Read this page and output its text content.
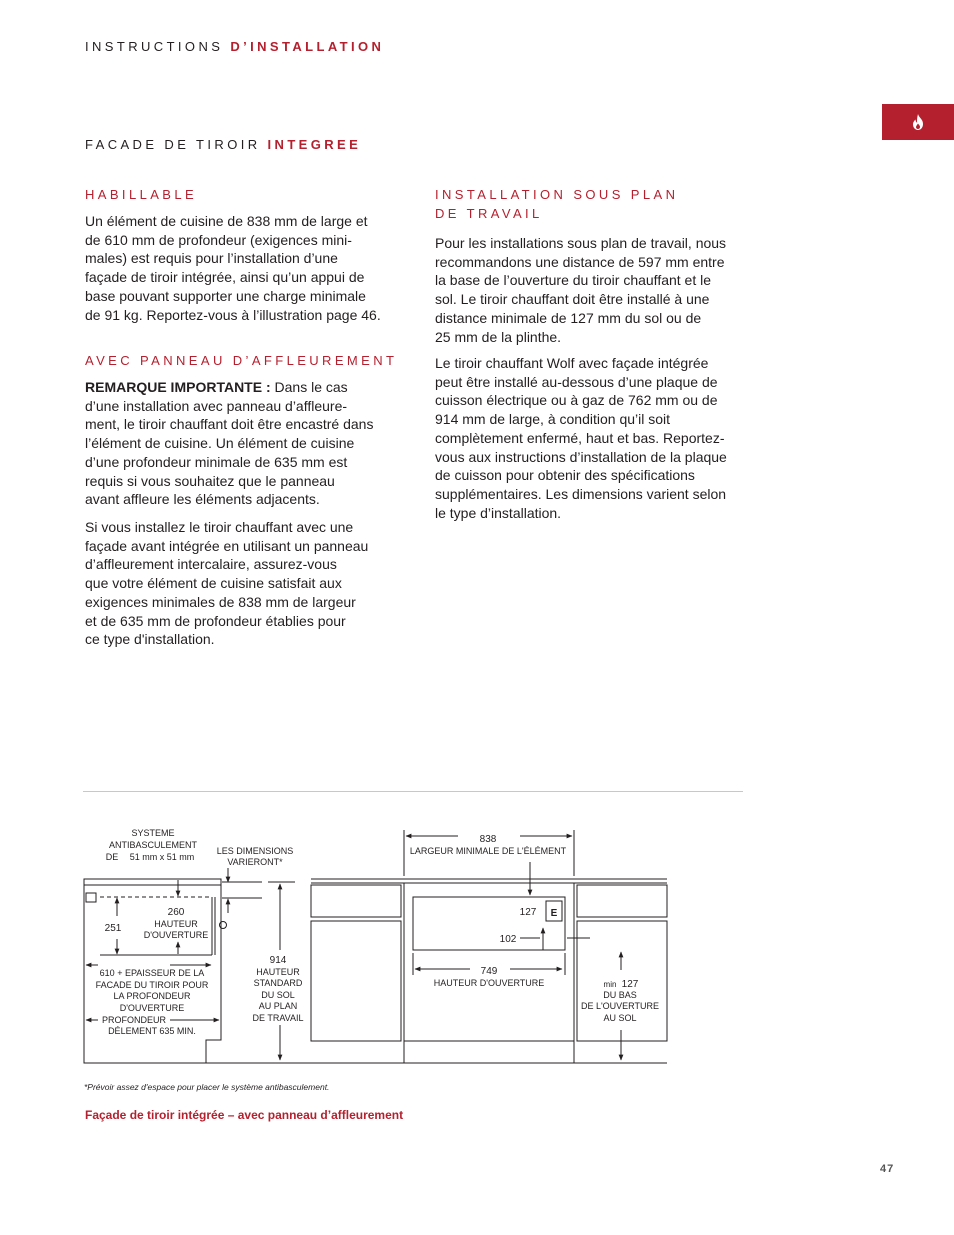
INSTRUCTIONS D’INSTALLATION
FACADE DE TIROIR INTEGREE
HABILLABLE
Un élément de cuisine de 838 mm de large et
de 610 mm de profondeur (exigences mini-
males) est requis pour l’installation d’une
façade de tiroir intégrée, ainsi qu’un appui de
base pouvant supporter une charge minimale
de 91 kg. Reportez-vous à l’illustration page 46.
AVEC PANNEAU D’AFFLEUREMENT
REMARQUE IMPORTANTE : Dans le cas
d’une installation avec panneau d’affleure-
ment, le tiroir chauffant doit être encastré dans
l’élément de cuisine. Un élément de cuisine
d’une profondeur minimale de 635 mm est
requis si vous souhaitez que le panneau
avant affleure les éléments adjacents.
Si vous installez le tiroir chauffant avec une
façade avant intégrée en utilisant un panneau
d’affleurement intercalaire, assurez-vous
que votre élément de cuisine satisfait aux
exigences minimales de 838 mm de largeur
et de 635 mm de profondeur établies pour
ce type d'installation.
INSTALLATION SOUS PLAN
DE TRAVAIL
Pour les installations sous plan de travail, nous
recommandons une distance de 597 mm entre
la base de l’ouverture du tiroir chauffant et le
sol. Le tiroir chauffant doit être installé à une
distance minimale de 127 mm du sol ou de
25 mm de la plinthe.
Le tiroir chauffant Wolf avec façade intégrée
peut être installé au-dessous d’une plaque de
cuisson électrique ou à gaz de 762 mm ou de
914 mm de large, à condition qu’il soit
complètement enfermé, haut et bas. Reportez-
vous aux instructions d’installation de la plaque
de cuisson pour obtenir des spécifications
supplémentaires. Les dimensions varient selon
le type d’installation.
SYSTEME
ANTIBASCULEMENT
DE 51 mm x 51 mm
LES DIMENSIONS
VARIERONT*
838
LARGEUR MINIMALE DE L'ÉLÉMENT
260
HAUTEUR
D'OUVERTURE
251
610 + EPAISSEUR DE LA
FACADE DU TIROIR POUR
LA PROFONDEUR
D'OUVERTURE
PROFONDEUR
DÉLEMENT 635 MIN.
914
HAUTEUR
STANDARD
DU SOL
AU PLAN
DE TRAVAIL
127 E
102
749
HAUTEUR D'OUVERTURE	min 127
DU BAS
DE L'OUVERTURE
AU SOL
*Prévoir assez d'espace pour placer le système antibasculement.
Façade de tiroir intégrée – avec panneau d’affleurement
47
